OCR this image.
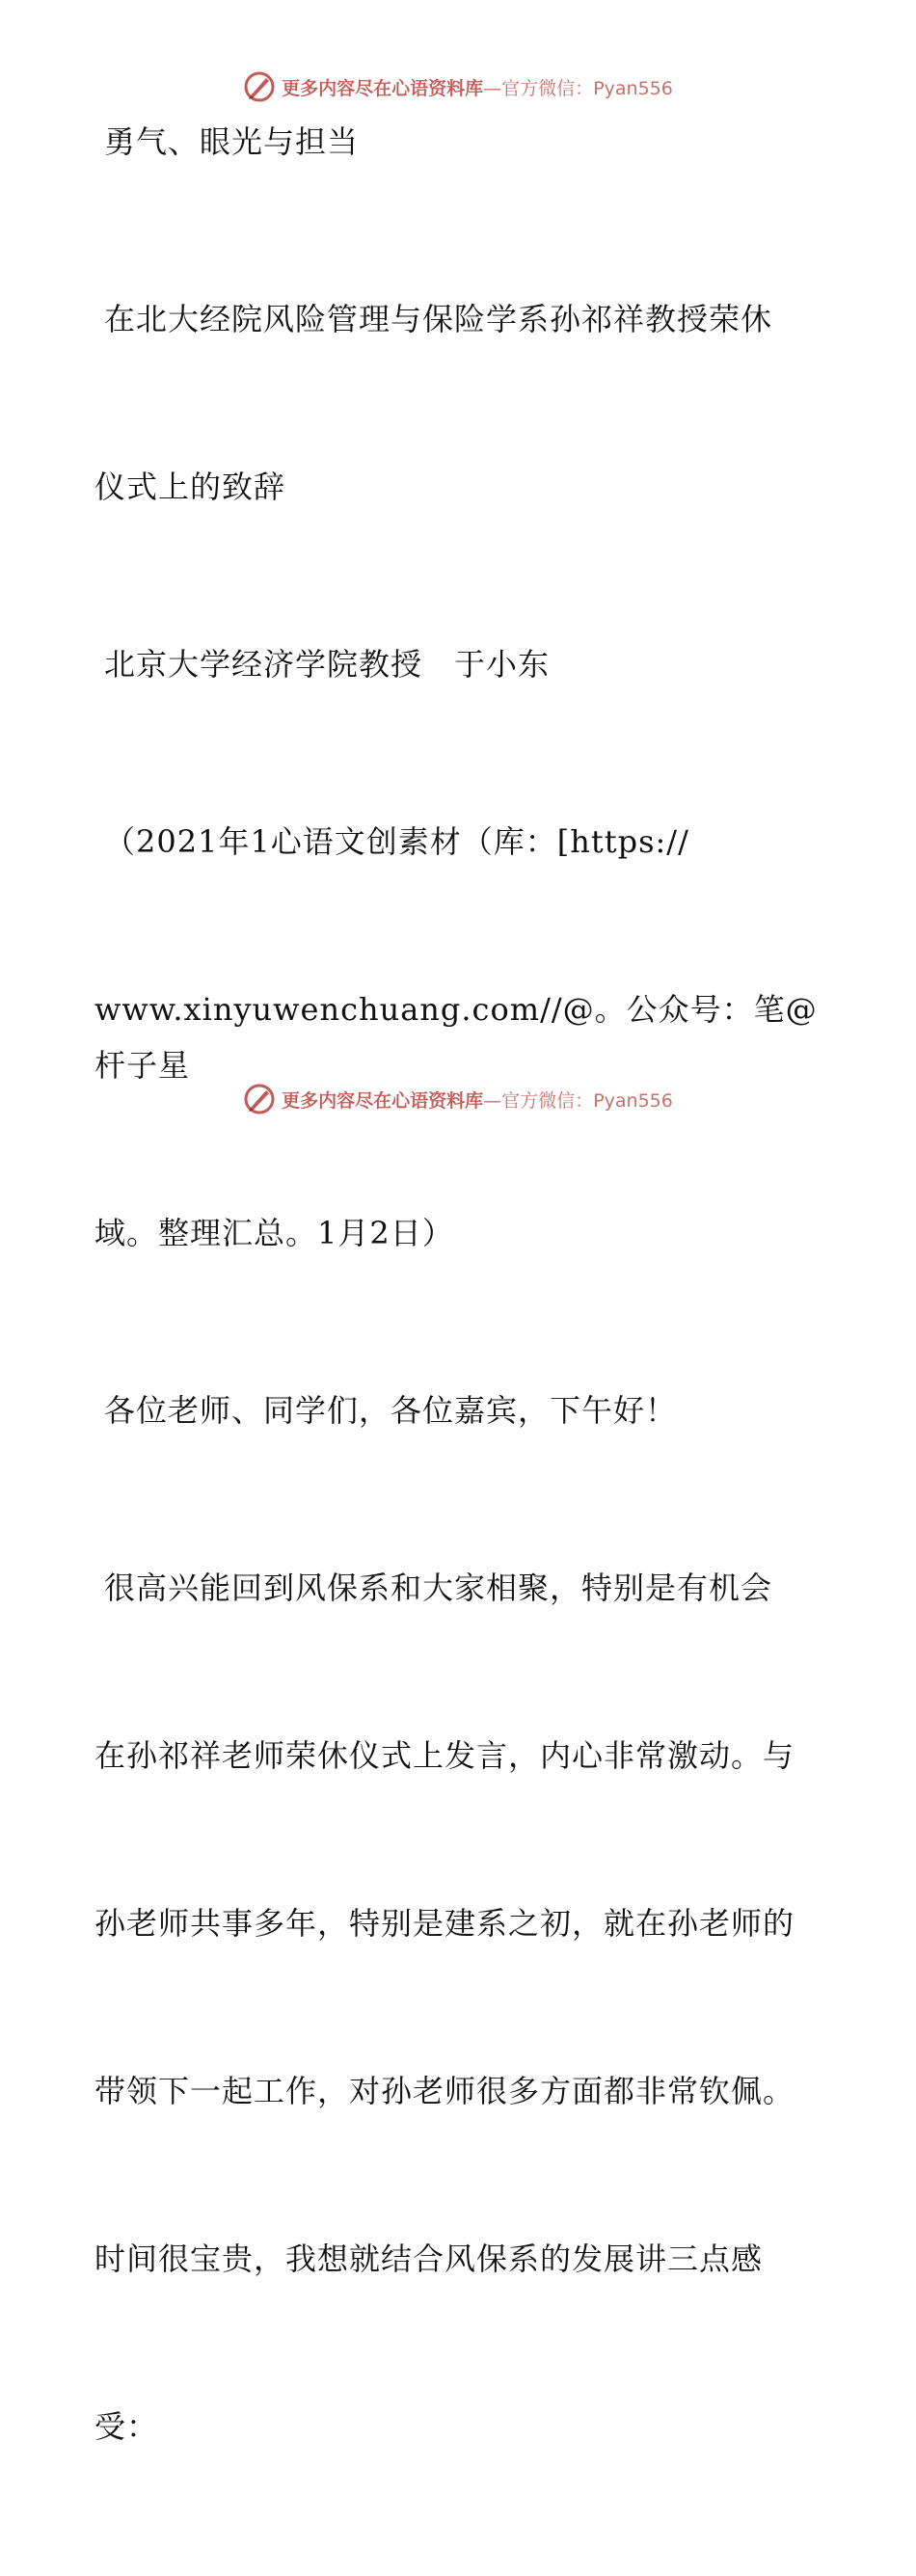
更多内容尽在心语资料库—官方微信：Pyan556
勇气、眼光与担当

在北大经院风险管理与保险学系孙祁祥教授荣休

仪式上的致辞

北京大学经济学院教授　于小东

（2021年1心语文创素材（库：[https://

www.xinyuwenchuang.com//@。公众号：笔@杆子星

域。整理汇总。1月2日）

各位老师、同学们，各位嘉宾，下午好！

很高兴能回到风保系和大家相聚，特别是有机会

在孙祁祥老师荣休仪式上发言，内心非常激动。与

孙老师共事多年，特别是建系之初，就在孙老师的

带领下一起工作，对孙老师很多方面都非常钦佩。

时间很宝贵，我想就结合风保系的发展讲三点感

受：

更多内容尽在心语资料库—官方微信：Pyan556
